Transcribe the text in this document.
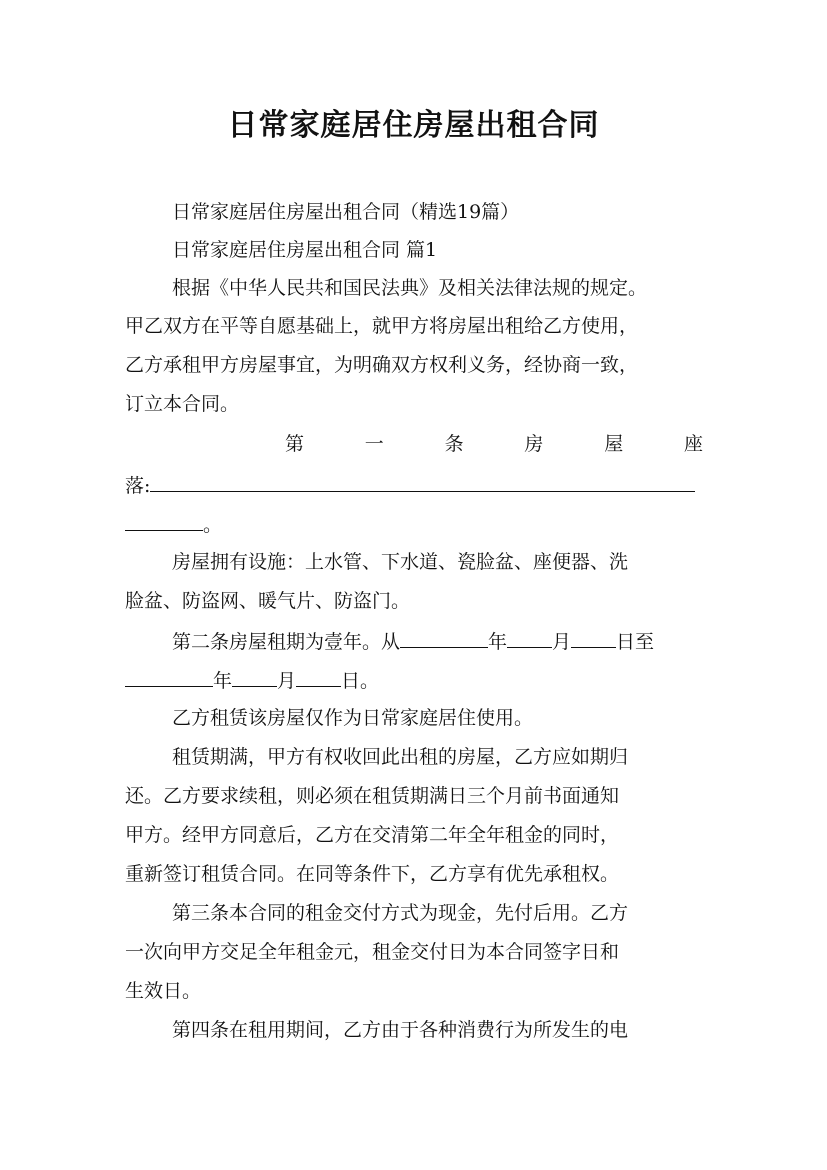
日常家庭居住房屋出租合同
日常家庭居住房屋出租合同（精选19篇）
日常家庭居住房屋出租合同 篇1
根据《中华人民共和国民法典》及相关法律法规的规定。
甲乙双方在平等自愿基础上，就甲方将房屋出租给乙方使用，
乙方承租甲方房屋事宜，为明确双方权利义务，经协商一致，
订立本合同。
第	一	条	房	屋	座
落:
。
房屋拥有设施：上水管、下水道、瓷脸盆、座便器、洗
脸盆、防盗网、暖气片、防盗门。
第二条房屋租期为壹年。从	年 月 日至
年 月 日。
乙方租赁该房屋仅作为日常家庭居住使用。
租赁期满，甲方有权收回此出租的房屋，乙方应如期归
还。乙方要求续租，则必须在租赁期满日三个月前书面通知
甲方。经甲方同意后，乙方在交清第二年全年租金的同时，
重新签订租赁合同。在同等条件下，乙方享有优先承租权。
第三条本合同的租金交付方式为现金，先付后用。乙方
一次向甲方交足全年租金元，租金交付日为本合同签字日和
生效日。
第四条在租用期间，乙方由于各种消费行为所发生的电
